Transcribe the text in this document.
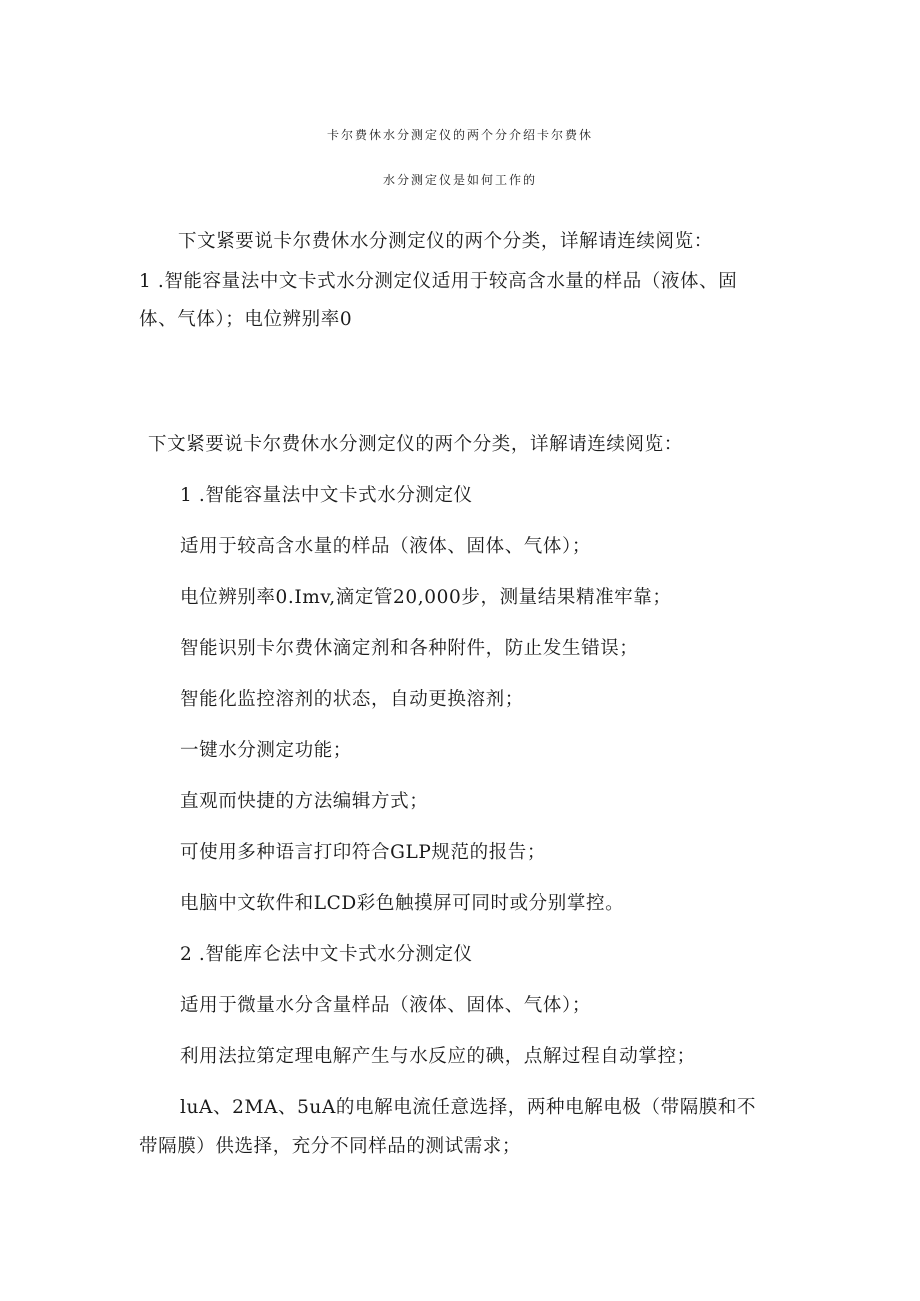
卡尔费休水分测定仪的两个分介绍卡尔费休
水分测定仪是如何工作的
下文紧要说卡尔费休水分测定仪的两个分类，详解请连续阅览：
1 .智能容量法中文卡式水分测定仪适用于较高含水量的样品（液体、固
体、气体）；电位辨别率0
下文紧要说卡尔费休水分测定仪的两个分类，详解请连续阅览：
1 .智能容量法中文卡式水分测定仪
适用于较高含水量的样品（液体、固体、气体）；
电位辨别率0.Imv,滴定管20,000步，测量结果精准牢靠；
智能识别卡尔费休滴定剂和各种附件，防止发生错误；
智能化监控溶剂的状态，自动更换溶剂；
一键水分测定功能；
直观而快捷的方法编辑方式；
可使用多种语言打印符合GLP规范的报告；
电脑中文软件和LCD彩色触摸屏可同时或分别掌控。
2 .智能库仑法中文卡式水分测定仪
适用于微量水分含量样品（液体、固体、气体）；
利用法拉第定理电解产生与水反应的碘，点解过程自动掌控；
luA、2MA、5uA的电解电流任意选择，两种电解电极（带隔膜和不
带隔膜）供选择，充分不同样品的测试需求；
